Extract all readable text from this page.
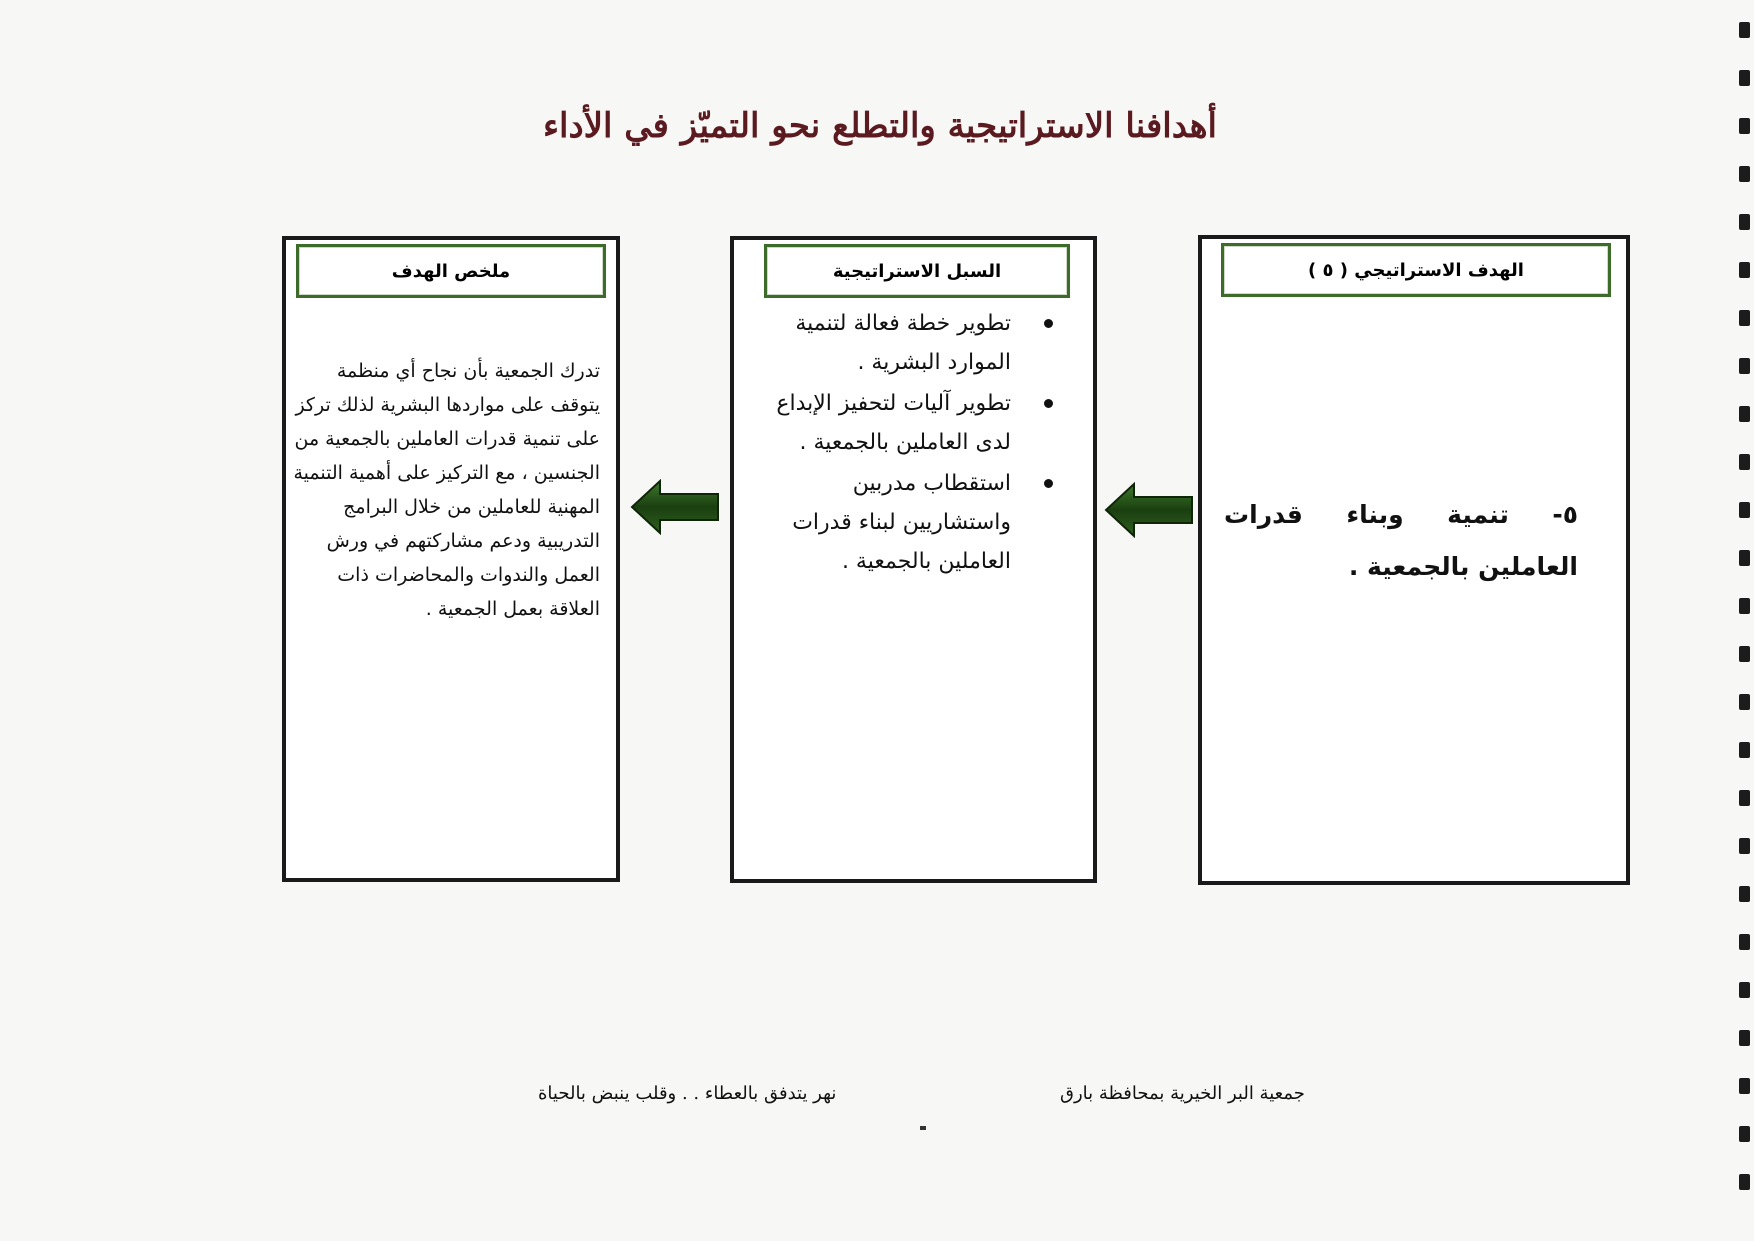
أهدافنا الاستراتيجية والتطلع نحو التميّز في الأداء
الهدف الاستراتيجي ( ٥ )
٥- تنمية وبناء قدرات العاملين بالجمعية .
السبل الاستراتيجية
تطوير خطة فعالة لتنمية الموارد البشرية .
تطوير آليات لتحفيز الإبداع لدى العاملين بالجمعية .
استقطاب مدربين واستشاريين لبناء قدرات العاملين بالجمعية .
ملخص الهدف
تدرك الجمعية بأن نجاح أي منظمة يتوقف على مواردها البشرية لذلك تركز على تنمية قدرات العاملين بالجمعية من الجنسين ، مع التركيز على أهمية التنمية المهنية للعاملين من خلال البرامج التدريبية ودعم مشاركتهم في ورش العمل والندوات والمحاضرات ذات العلاقة بعمل الجمعية .
جمعية البر الخيرية بمحافظة بارق
نهر يتدفق بالعطاء . . وقلب ينبض بالحياة
